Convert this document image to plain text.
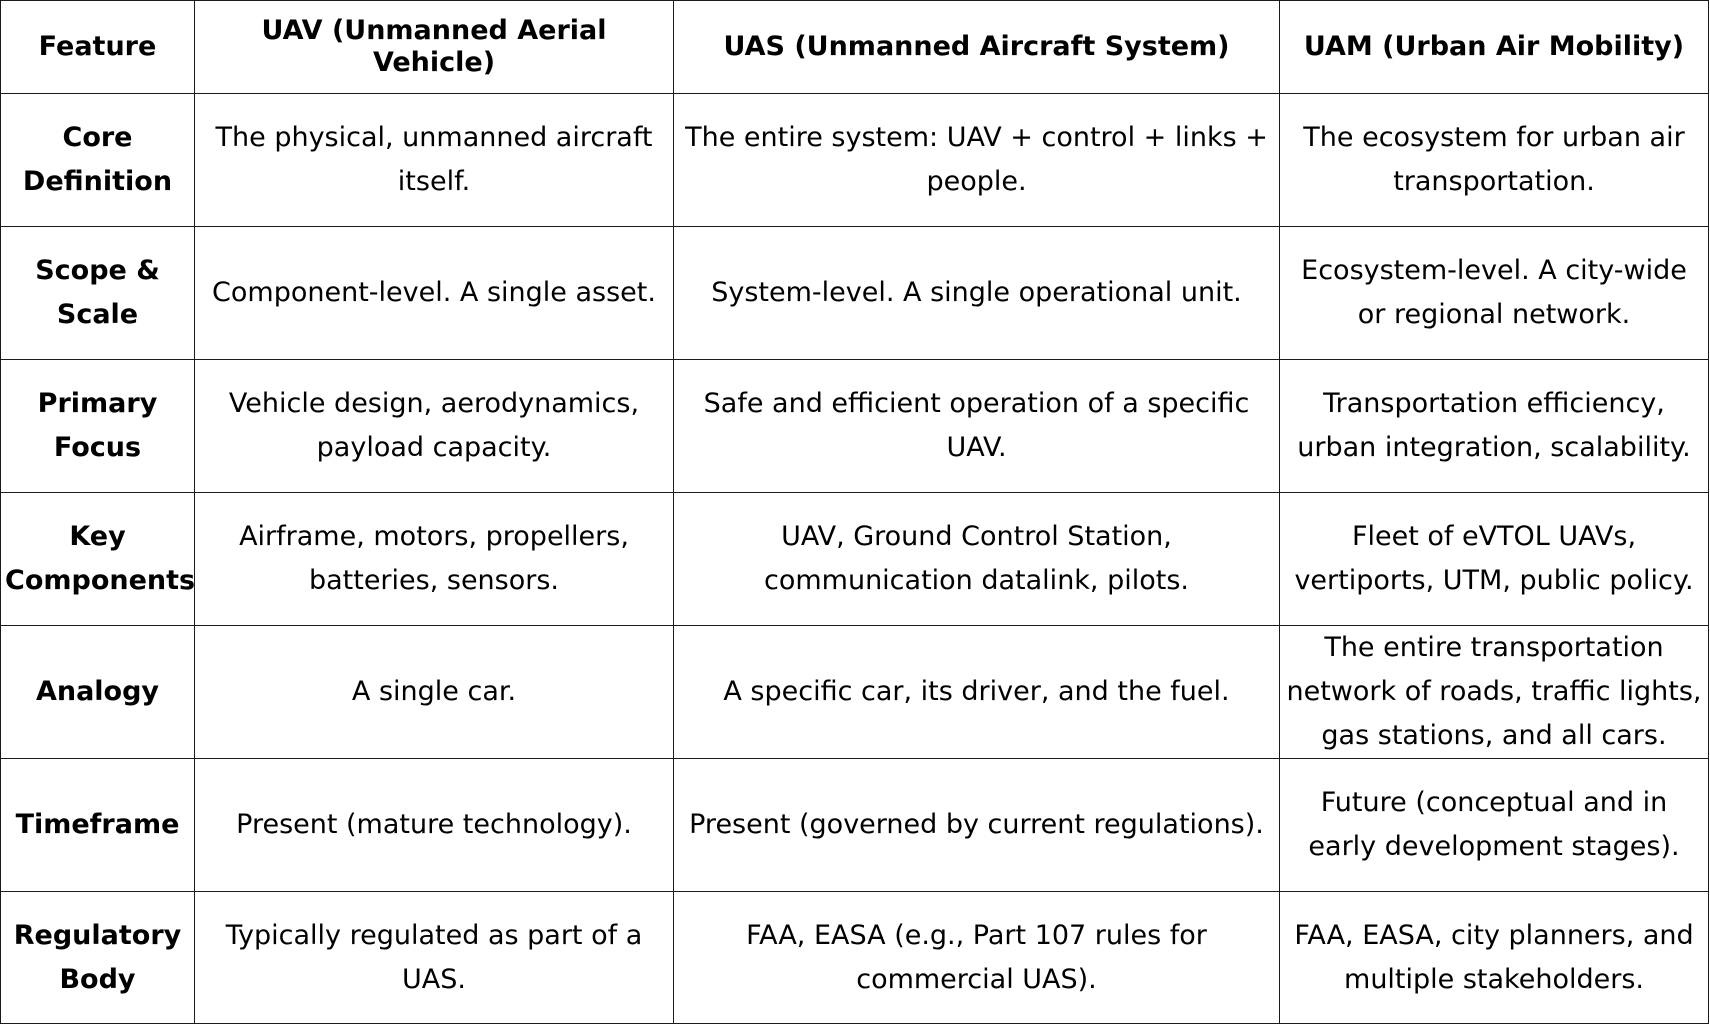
Feature	UAV (Unmanned Aerial Vehicle)	UAS (Unmanned Aircraft System)	UAM (Urban Air Mobility)
Core Definition	The physical, unmanned aircraft itself.	The entire system: UAV + control + links + people.	The ecosystem for urban air transportation.
Scope & Scale	Component-level. A single asset.	System-level. A single operational unit.	Ecosystem-level. A city-wide or regional network.
Primary Focus	Vehicle design, aerodynamics, payload capacity.	Safe and efficient operation of a specific UAV.	Transportation efficiency, urban integration, scalability.
Key Components	Airframe, motors, propellers, batteries, sensors.	UAV, Ground Control Station, communication datalink, pilots.	Fleet of eVTOL UAVs, vertiports, UTM, public policy.
Analogy	A single car.	A specific car, its driver, and the fuel.	The entire transportation network of roads, traffic lights, gas stations, and all cars.
Timeframe	Present (mature technology).	Present (governed by current regulations).	Future (conceptual and in early development stages).
Regulatory Body	Typically regulated as part of a UAS.	FAA, EASA (e.g., Part 107 rules for commercial UAS).	FAA, EASA, city planners, and multiple stakeholders.
